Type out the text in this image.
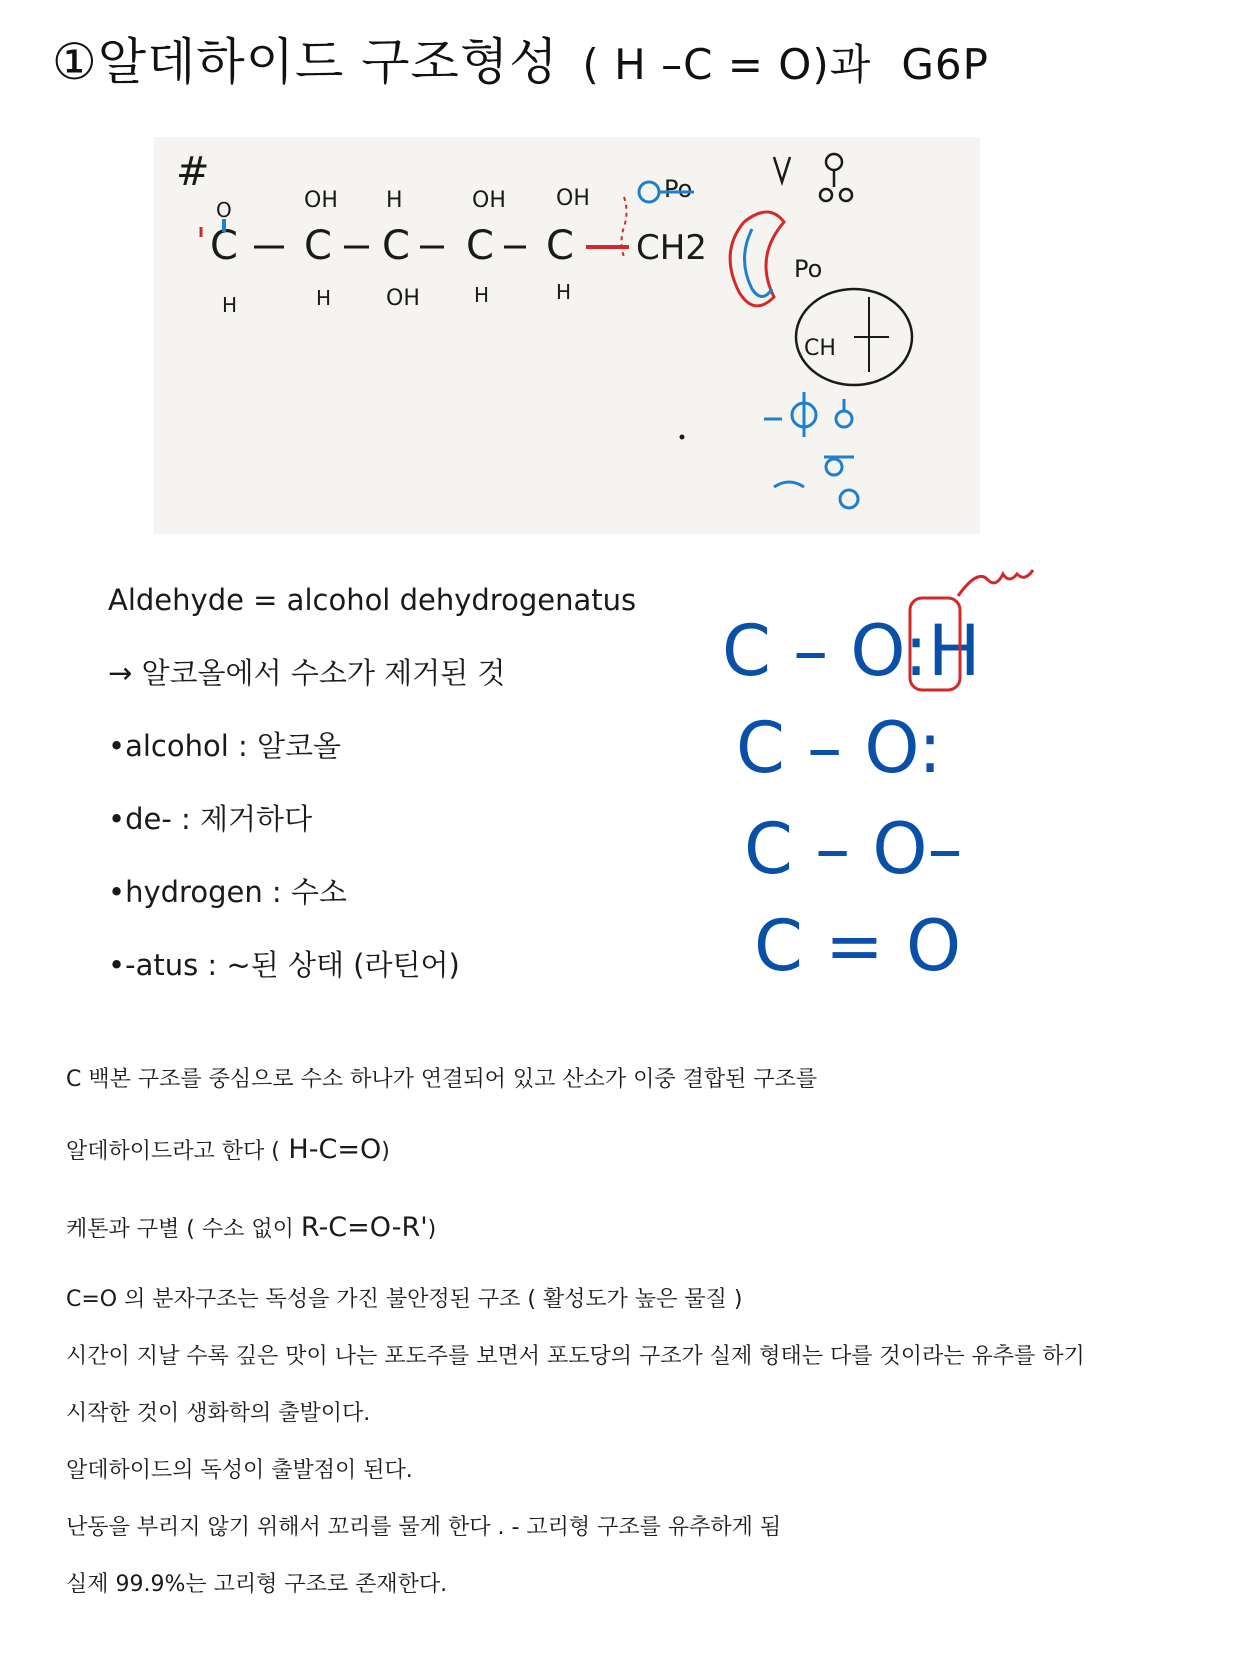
①알데하이드 구조형성 ( H –C = O)과 G6P
#
O
C
H
OH
C
H
H
C
OH
OH
C
H
OH
C
H
CH2
Po
Po
CH
Aldehyde = alcohol dehydrogenatus
→ 알코올에서 수소가 제거된 것
•alcohol : 알코올
•de- : 제거하다
•hydrogen : 수소
•-atus : ~된 상태 (라틴어)
C – O:H
C – O:
C – O–
C = O

C 백본 구조를 중심으로 수소 하나가 연결되어 있고 산소가 이중 결합된 구조를

알데하이드라고 한다 ( H-C=O)

케톤과 구별 ( 수소 없이 R-C=O-R')

C=O 의 분자구조는 독성을 가진 불안정된 구조 ( 활성도가 높은 물질 )

시간이 지날 수록 깊은 맛이 나는 포도주를 보면서 포도당의 구조가 실제 형태는 다를 것이라는 유추를 하기

시작한 것이 생화학의 출발이다.

알데하이드의 독성이 출발점이 된다.

난동을 부리지 않기 위해서 꼬리를 물게 한다 . - 고리형 구조를 유추하게 됨

실제 99.9%는 고리형 구조로 존재한다.
